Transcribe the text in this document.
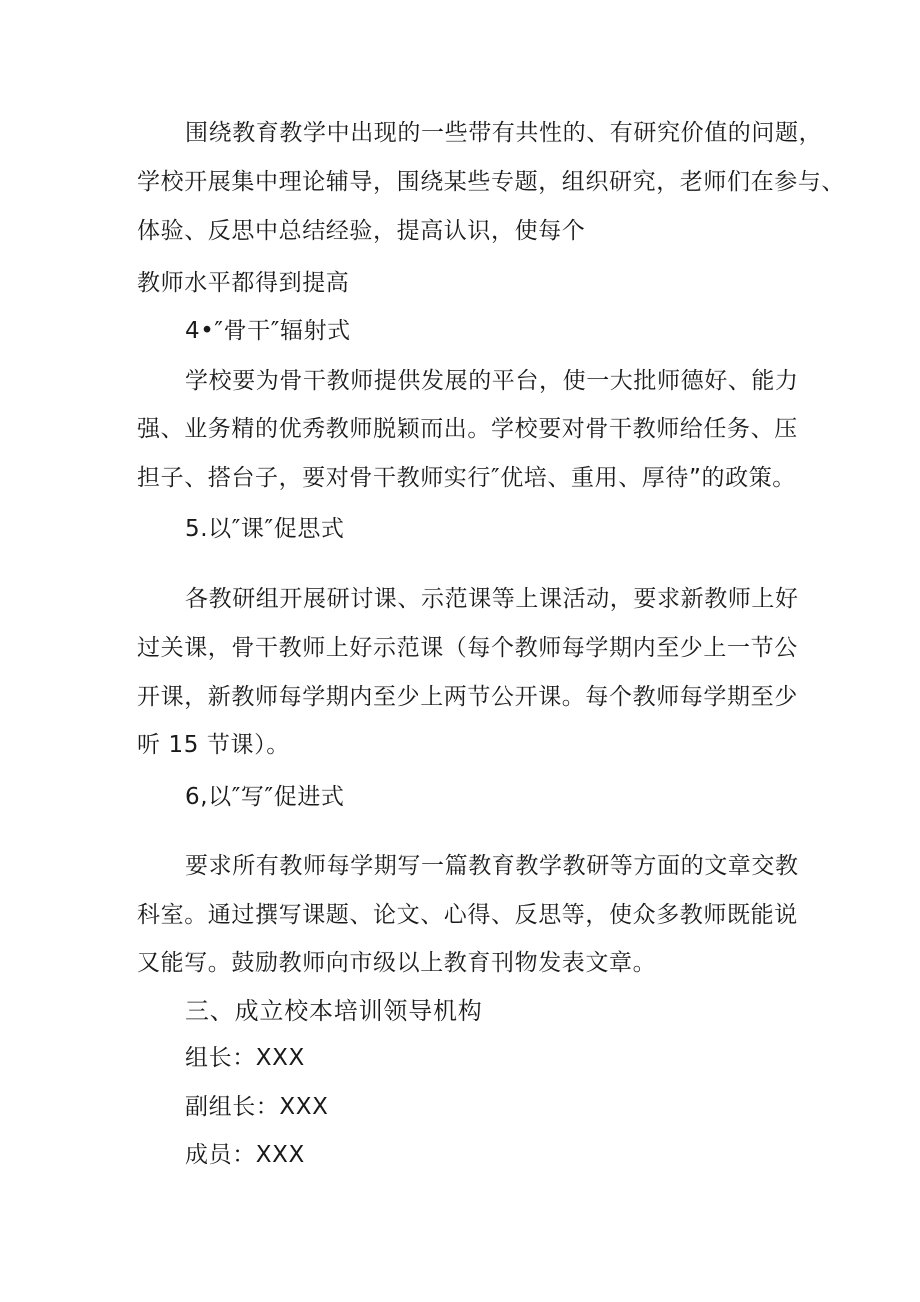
围绕教育教学中出现的一些带有共性的、有研究价值的问题，
学校开展集中理论辅导，围绕某些专题，组织研究，老师们在参与、
体验、反思中总结经验，提高认识，使每个
教师水平都得到提高
4•″骨干″辐射式
学校要为骨干教师提供发展的平台，使一大批师德好、能力
强、业务精的优秀教师脱颖而出。学校要对骨干教师给任务、压
担子、搭台子，要对骨干教师实行″优培、重用、厚待”的政策。
5.以″课″促思式
各教研组开展研讨课、示范课等上课活动，要求新教师上好
过关课，骨干教师上好示范课（每个教师每学期内至少上一节公
开课，新教师每学期内至少上两节公开课。每个教师每学期至少
听 15 节课）。
6,以″写″促进式
要求所有教师每学期写一篇教育教学教研等方面的文章交教
科室。通过撰写课题、论文、心得、反思等，使众多教师既能说
又能写。鼓励教师向市级以上教育刊物发表文章。
三、成立校本培训领导机构
组长：XXX
副组长：XXX
成员：XXX
